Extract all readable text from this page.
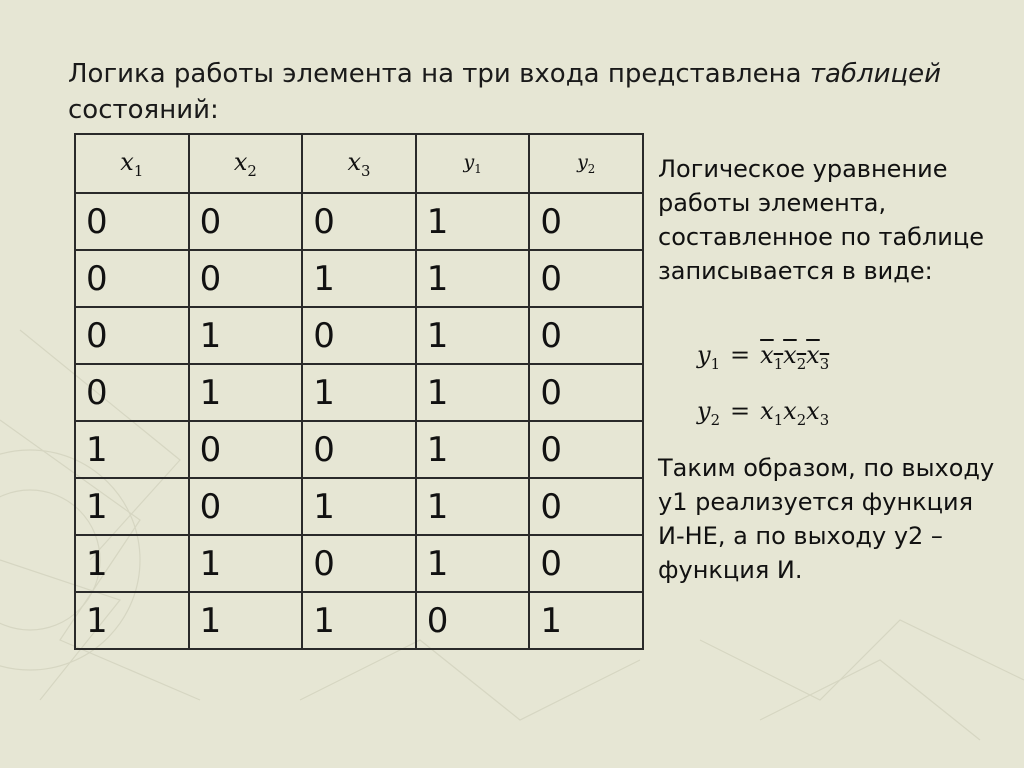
Логика работы элемента на три входа представлена таблицей
состояний:
$x_1$	$x_2$	$x_3$	$y_1$	$y_2$
0	0	0	1	0
0	0	1	1	0
0	1	0	1	0
0	1	1	1	0
1	0	0	1	0
1	0	1	1	0
1	1	0	1	0
1	1	1	0	1
Логическое уравнение работы элемента, составленное по таблице записывается в виде:
$y_1 = x_1x_2x_3$
$y_2 = x_1x_2x_3$
Таким образом, по выходу y1 реализуется функция И-НЕ, а по выходу y2 – функция И.
